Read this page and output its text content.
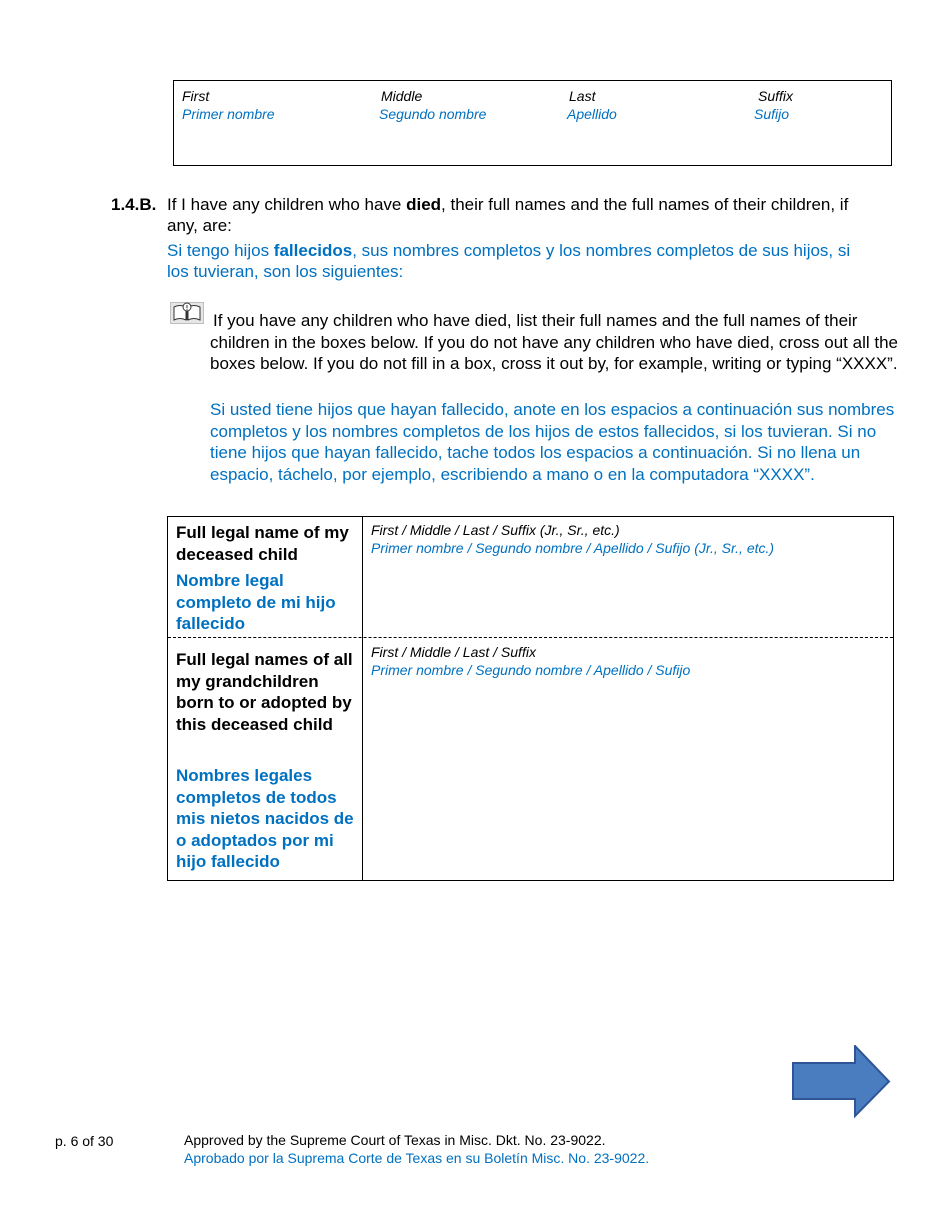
First
Primer nombre
Middle
Segundo nombre
Last
Apellido
Suffix
Sufijo
1.4.B. If I have any children who have died, their full names and the full names of their children, if any, are:
Si tengo hijos fallecidos, sus nombres completos y los nombres completos de sus hijos, si los tuvieran, son los siguientes:
If you have any children who have died, list their full names and the full names of their children in the boxes below. If you do not have any children who have died, cross out all the boxes below. If you do not fill in a box, cross it out by, for example, writing or typing “XXXX”.
Si usted tiene hijos que hayan fallecido, anote en los espacios a continuación sus nombres completos y los nombres completos de los hijos de estos fallecidos, si los tuvieran. Si no tiene hijos que hayan fallecido, tache todos los espacios a continuación. Si no llena un espacio, táchelo, por ejemplo, escribiendo a mano o en la computadora “XXXX”.
Full legal name of my deceased child
Nombre legal completo de mi hijo fallecido
First / Middle / Last / Suffix (Jr., Sr., etc.)
Primer nombre / Segundo nombre / Apellido / Sufijo (Jr., Sr., etc.)
Full legal names of all my grandchildren born to or adopted by this deceased child
Nombres legales completos de todos mis nietos nacidos de o adoptados por mi hijo fallecido
First / Middle / Last / Suffix
Primer nombre / Segundo nombre / Apellido / Sufijo
p. 6 of 30	Approved by the Supreme Court of Texas in Misc. Dkt. No. 23-9022.
Aprobado por la Suprema Corte de Texas en su Boletín Misc. No. 23-9022.
